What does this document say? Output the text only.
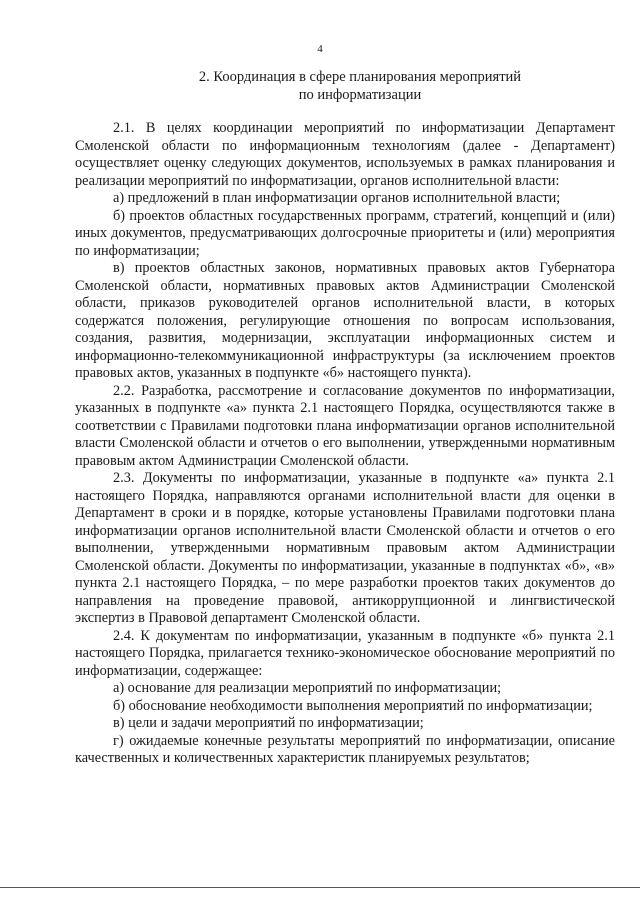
4
2. Координация в сфере планирования мероприятий
по информатизации

2.1. В целях координации мероприятий по информатизации Департамент Смоленской области по информационным технологиям (далее - Департамент) осуществляет оценку следующих документов, используемых в рамках планирования и реализации мероприятий по информатизации, органов исполнительной власти:

а) предложений в план информатизации органов исполнительной власти;

б) проектов областных государственных программ, стратегий, концепций и (или) иных документов, предусматривающих долгосрочные приоритеты и (или) мероприятия по информатизации;

в) проектов областных законов, нормативных правовых актов Губернатора Смоленской области, нормативных правовых актов Администрации Смоленской области, приказов руководителей органов исполнительной власти, в которых содержатся положения, регулирующие отношения по вопросам использования, создания, развития, модернизации, эксплуатации информационных систем и информационно-телекоммуникационной инфраструктуры (за исключением проектов правовых актов, указанных в подпункте «б» настоящего пункта).

2.2. Разработка, рассмотрение и согласование документов по информатизации, указанных в подпункте «а» пункта 2.1 настоящего Порядка, осуществляются также в соответствии с Правилами подготовки плана информатизации органов исполнительной власти Смоленской области и отчетов о его выполнении, утвержденными нормативным правовым актом Администрации Смоленской области.

2.3. Документы по информатизации, указанные в подпункте «а» пункта 2.1 настоящего Порядка, направляются органами исполнительной власти для оценки в Департамент в сроки и в порядке, которые установлены Правилами подготовки плана информатизации органов исполнительной власти Смоленской области и отчетов о его выполнении, утвержденными нормативным правовым актом Администрации Смоленской области. Документы по информатизации, указанные в подпунктах «б», «в» пункта 2.1 настоящего Порядка, – по мере разработки проектов таких документов до направления на проведение правовой, антикоррупционной и лингвистической экспертиз в Правовой департамент Смоленской области.

2.4. К документам по информатизации, указанным в подпункте «б» пункта 2.1 настоящего Порядка, прилагается технико-экономическое обоснование мероприятий по информатизации, содержащее:

а) основание для реализации мероприятий по информатизации;

б) обоснование необходимости выполнения мероприятий по информатизации;

в) цели и задачи мероприятий по информатизации;

г) ожидаемые конечные результаты мероприятий по информатизации, описание качественных и количественных характеристик планируемых результатов;
